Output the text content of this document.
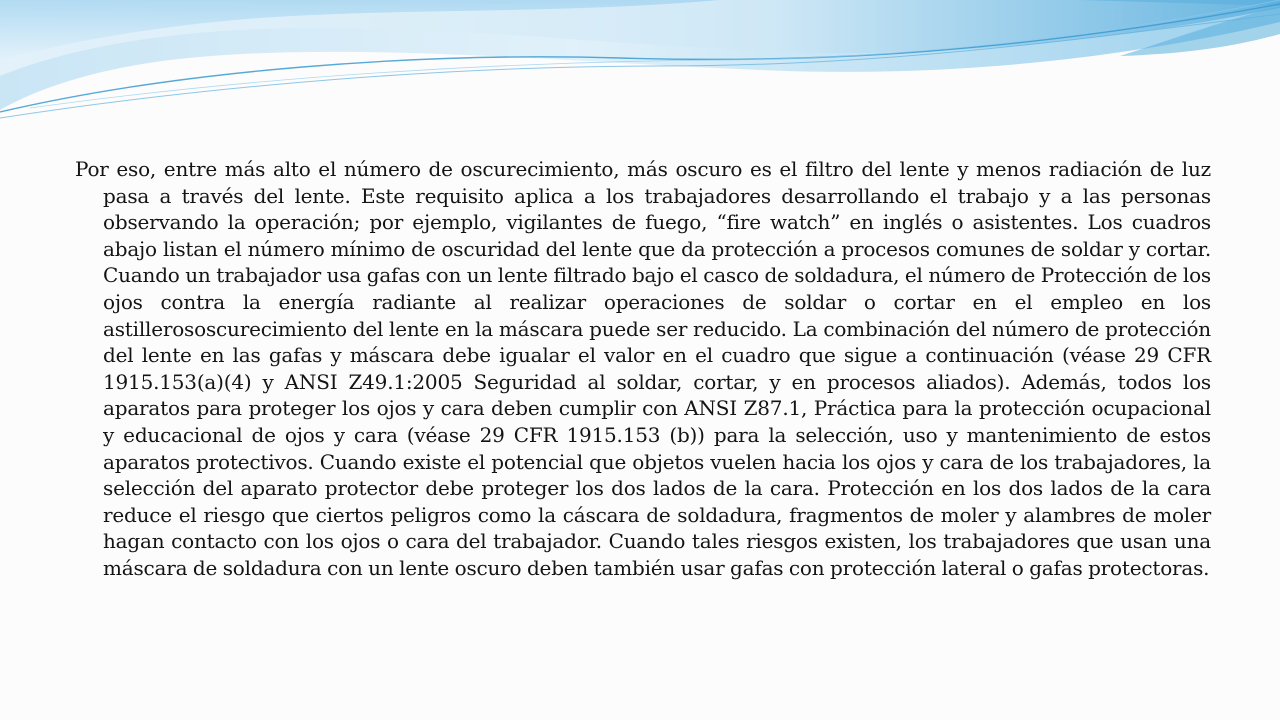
Por eso, entre más alto el número de oscurecimiento, más oscuro es el filtro del lente y menos radiación de luz pasa a través del lente. Este requisito aplica a los trabajadores desarrollando el trabajo y a las personas observando la operación; por ejemplo, vigilantes de fuego, “fire watch” en inglés o asistentes. Los cuadros abajo listan el número mínimo de oscuridad del lente que da protección a procesos comunes de soldar y cortar. Cuando un trabajador usa gafas con un lente filtrado bajo el casco de soldadura, el número de Protección de los ojos contra la energía radiante al realizar operaciones de soldar o cortar en el empleo en los astillerososcurecimiento del lente en la máscara puede ser reducido. La combinación del número de protección del lente en las gafas y máscara debe igualar el valor en el cuadro que sigue a continuación (véase 29 CFR 1915.153(a)(4) y ANSI Z49.1:2005 Seguridad al soldar, cortar, y en procesos aliados). Además, todos los aparatos para proteger los ojos y cara deben cumplir con ANSI Z87.1, Práctica para la protección ocupacional y educacional de ojos y cara (véase 29 CFR 1915.153 (b)) para la selección, uso y mantenimiento de estos aparatos protectivos. Cuando existe el potencial que objetos vuelen hacia los ojos y cara de los trabajadores, la selección del aparato protector debe proteger los dos lados de la cara. Protección en los dos lados de la cara reduce el riesgo que ciertos peligros como la cáscara de soldadura, fragmentos de moler y alambres de moler hagan contacto con los ojos o cara del trabajador. Cuando tales riesgos existen, los trabajadores que usan una máscara de soldadura con un lente oscuro deben también usar gafas con protección lateral o gafas protectoras.
